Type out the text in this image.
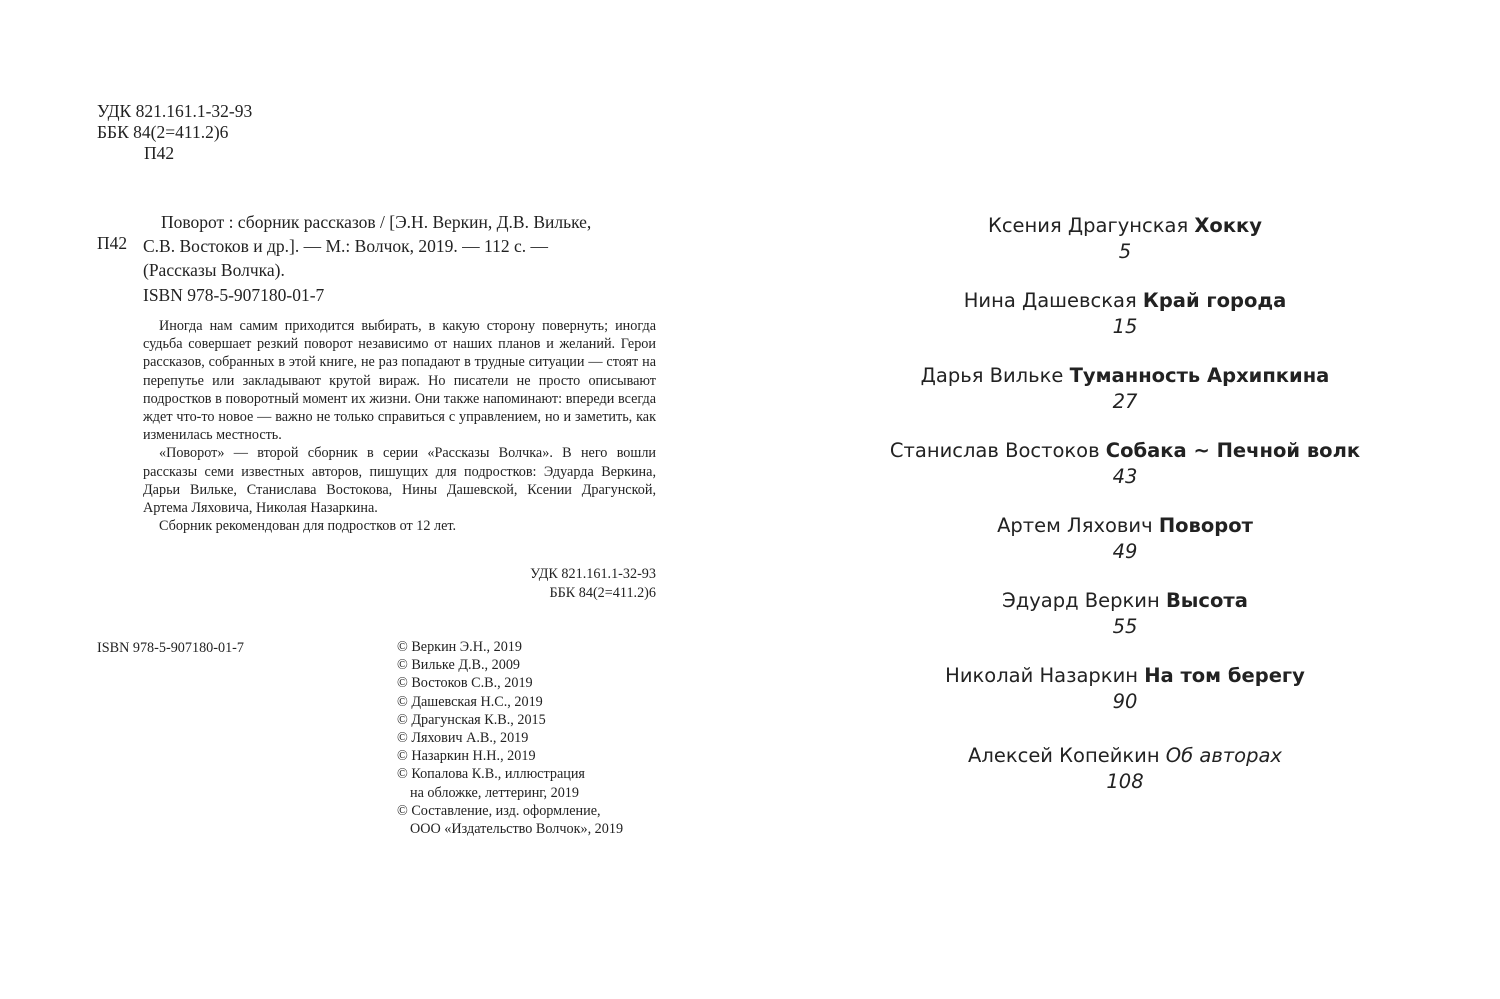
УДК 821.161.1-32-93
ББК 84(2=411.2)6
П42
П42

Поворот : сборник рассказов / [Э.Н. Веркин, Д.В. Вильке,

С.В. Востоков и др.]. — М.: Волчок, 2019. — 112 с. —

(Рассказы Волчка).

ISBN 978-5-907180-01-7

Иногда нам самим приходится выбирать, в какую сторону повернуть; иногда судьба совершает резкий поворот независимо от наших планов и желаний. Герои рассказов, собранных в этой книге, не раз попадают в трудные ситуации — стоят на перепутье или закладывают крутой вираж. Но писатели не просто описывают подростков в поворотный момент их жизни. Они также напоминают: впереди всегда ждет что-то новое — важно не только справиться с управлением, но и заметить, как изменилась местность.

«Поворот» — второй сборник в серии «Рассказы Волчка». В него вошли рассказы семи известных авторов, пишущих для подростков: Эдуарда Веркина, Дарьи Вильке, Станислава Востокова, Нины Дашевской, Ксении Драгунской, Артема Ляховича, Николая Назаркина.

Сборник рекомендован для подростков от 12 лет.

УДК 821.161.1-32-93
ББК 84(2=411.2)6
ISBN 978-5-907180-01-7	© Веркин Э.Н., 2019
© Вильке Д.В., 2009
© Востоков С.В., 2019
© Дашевская Н.С., 2019
© Драгунская К.В., 2015
© Ляхович А.В., 2019
© Назаркин Н.Н., 2019
© Копалова К.В., иллюстрация
на обложке, леттеринг, 2019
© Составление, изд. оформление,
ООО «Издательство Волчок», 2019
Ксения Драгунская Хокку
5
Нина Дашевская Край города
15
Дарья Вильке Туманность Архипкина
27
Станислав Востоков Собака ~ Печной волк
43
Артем Ляхович Поворот
49
Эдуард Веркин Высота
55
Николай Назаркин На том берегу
90
Алексей Копейкин Об авторах
108
